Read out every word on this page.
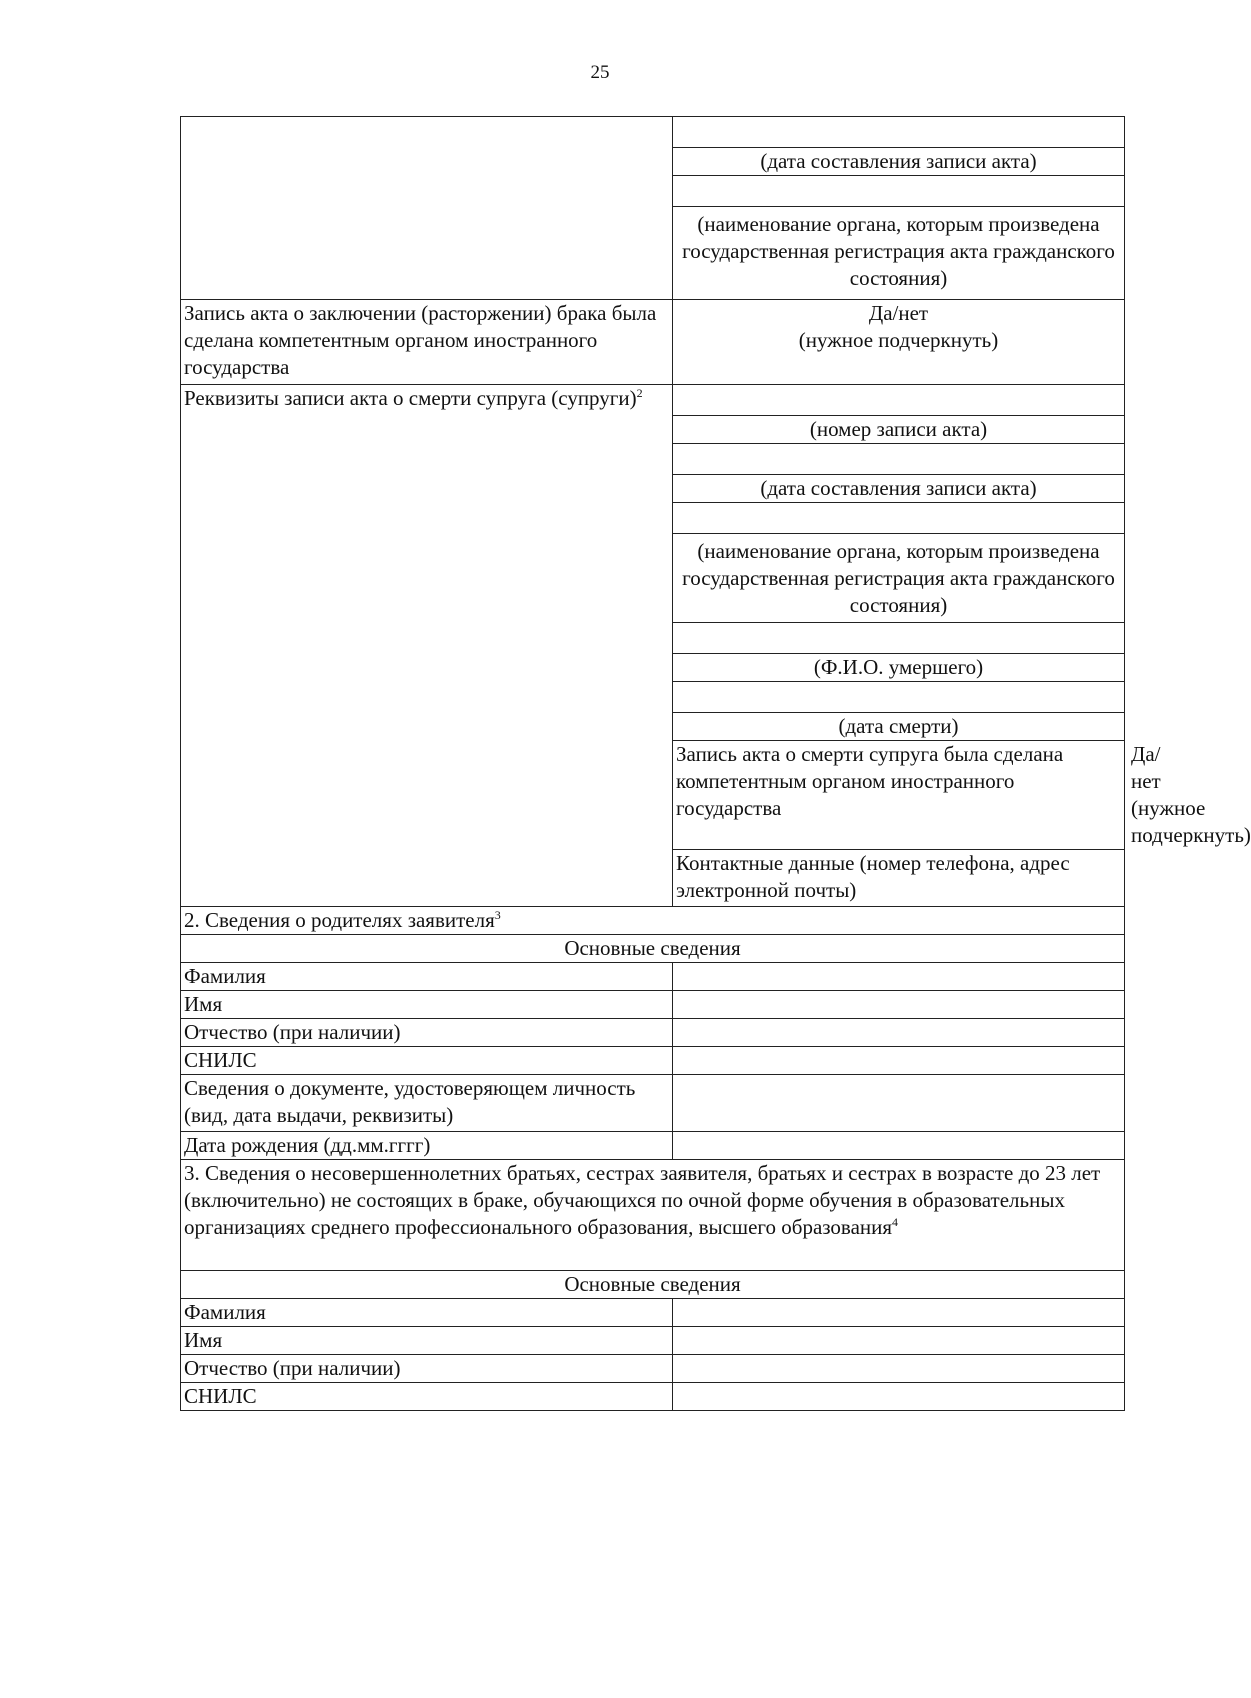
25

	(дата составления записи акта)	

	(наименование органа, которым произведена государственная регистрация акта гражданского состояния)	
Запись акта о заключении (расторжении) брака была сделана компетентным органом иностранного государства	Да/нет
(нужное подчеркнуть)	

Реквизиты записи акта о смерти супруга (супруги)$^2$	
	(номер записи акта)	

	(дата составления записи акта)	

	(наименование органа, которым произведена государственная регистрация акта гражданского состояния)	

	(Ф.И.О. умершего)	

	(дата смерти)	
	Запись акта о смерти супруга была сделана компетентным органом иностранного государства	Да/нет
(нужное подчеркнуть)

	Контактные данные (номер телефона, адрес электронной почты)	
2. Сведения о родителях заявителя$^3$
Основные сведения		
Фамилия		
Имя		
Отчество (при наличии)		
СНИЛС		
Сведения о документе, удостоверяющем личность (вид, дата выдачи, реквизиты)		
Дата рождения (дд.мм.гггг)		
3. Сведения о несовершеннолетних братьях, сестрах заявителя, братьях и сестрах в возрасте до 23 лет (включительно) не состоящих в браке, обучающихся по очной форме обучения в образовательных организациях среднего профессионального образования, высшего образования$^4$
Основные сведения		
Фамилия		
Имя		
Отчество (при наличии)		
СНИЛС		
